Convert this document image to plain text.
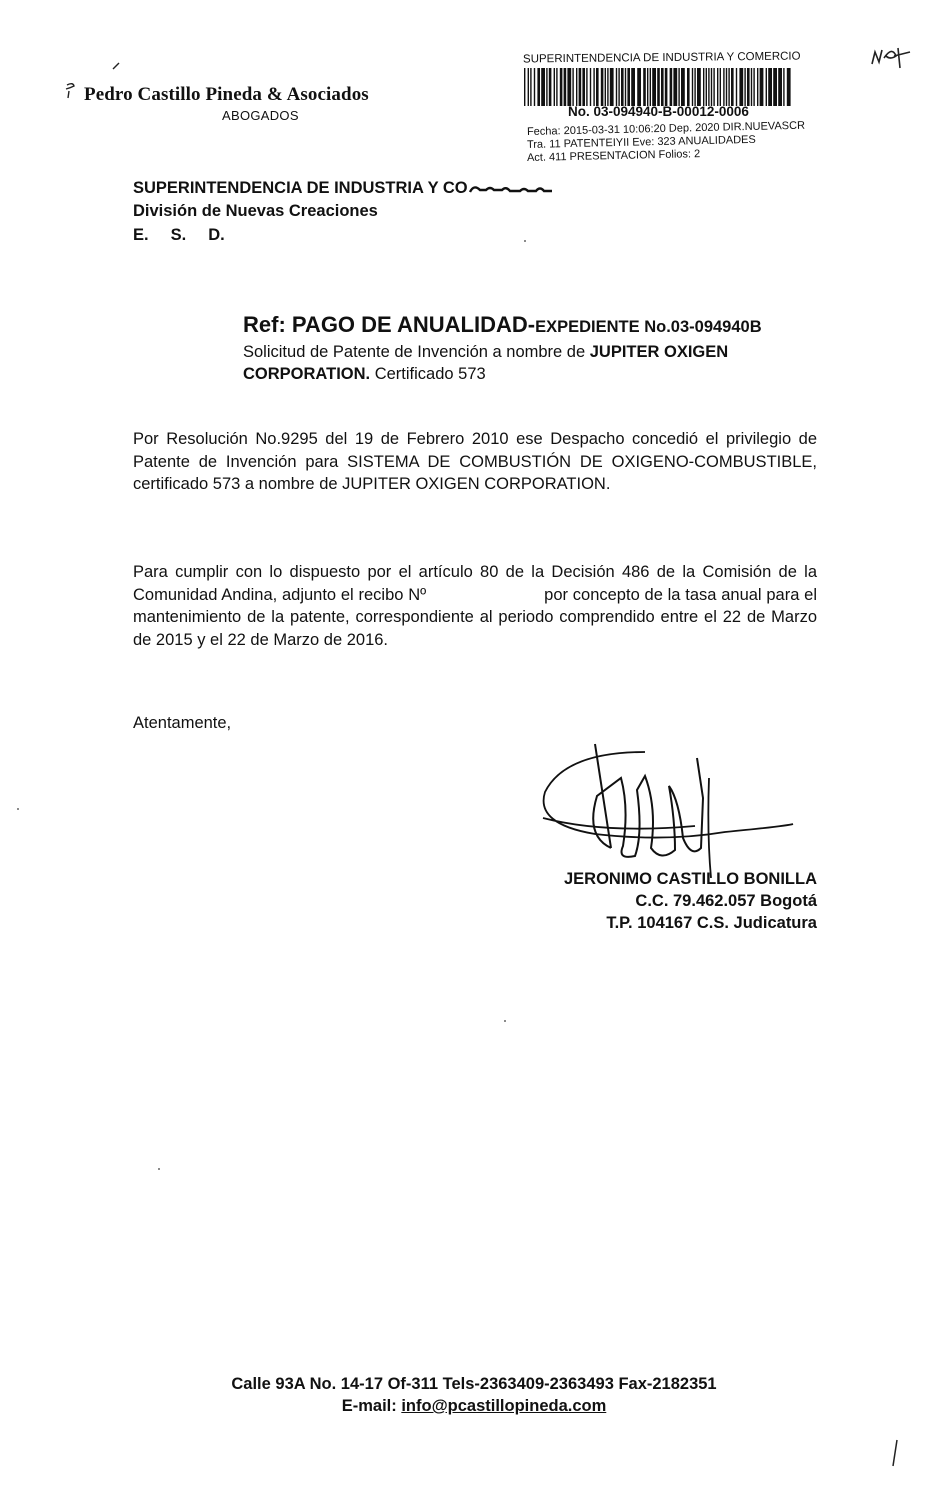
Pedro Castillo Pineda & Asociados
ABOGADOS
SUPERINTENDENCIA DE INDUSTRIA Y COMERCIO
No. 03-094940-B-00012-0006
Fecha: 2015-03-31 10:06:20 Dep. 2020 DIR.NUEVASCR
Tra. 11 PATENTEIYII Eve: 323 ANUALIDADES
Act. 411 PRESENTACION Folios: 2
SUPERINTENDENCIA DE INDUSTRIA Y CO
División de Nuevas Creaciones
E. S. D.
Ref: PAGO DE ANUALIDAD-EXPEDIENTE No.03-094940B
Solicitud de Patente de Invención a nombre de JUPITER OXIGEN CORPORATION. Certificado 573

Por Resolución No.9295 del 19 de Febrero 2010 ese Despacho concedió el privilegio de Patente de Invención para SISTEMA DE COMBUSTIÓN DE OXIGENO-COMBUSTIBLE, certificado 573 a nombre de JUPITER OXIGEN CORPORATION.

Para cumplir con lo dispuesto por el artículo 80 de la Decisión 486 de la Comisión de la Comunidad Andina, adjunto el recibo Nº	por concepto de la tasa anual para el mantenimiento de la patente, correspondiente al periodo comprendido entre el 22 de Marzo de 2015 y el 22 de Marzo de 2016.

Atentamente,
JERONIMO CASTILLO BONILLA
C.C. 79.462.057 Bogotá
T.P. 104167 C.S. Judicatura
Calle 93A No. 14-17 Of-311 Tels-2363409-2363493 Fax-2182351
E-mail: info@pcastillopineda.com
